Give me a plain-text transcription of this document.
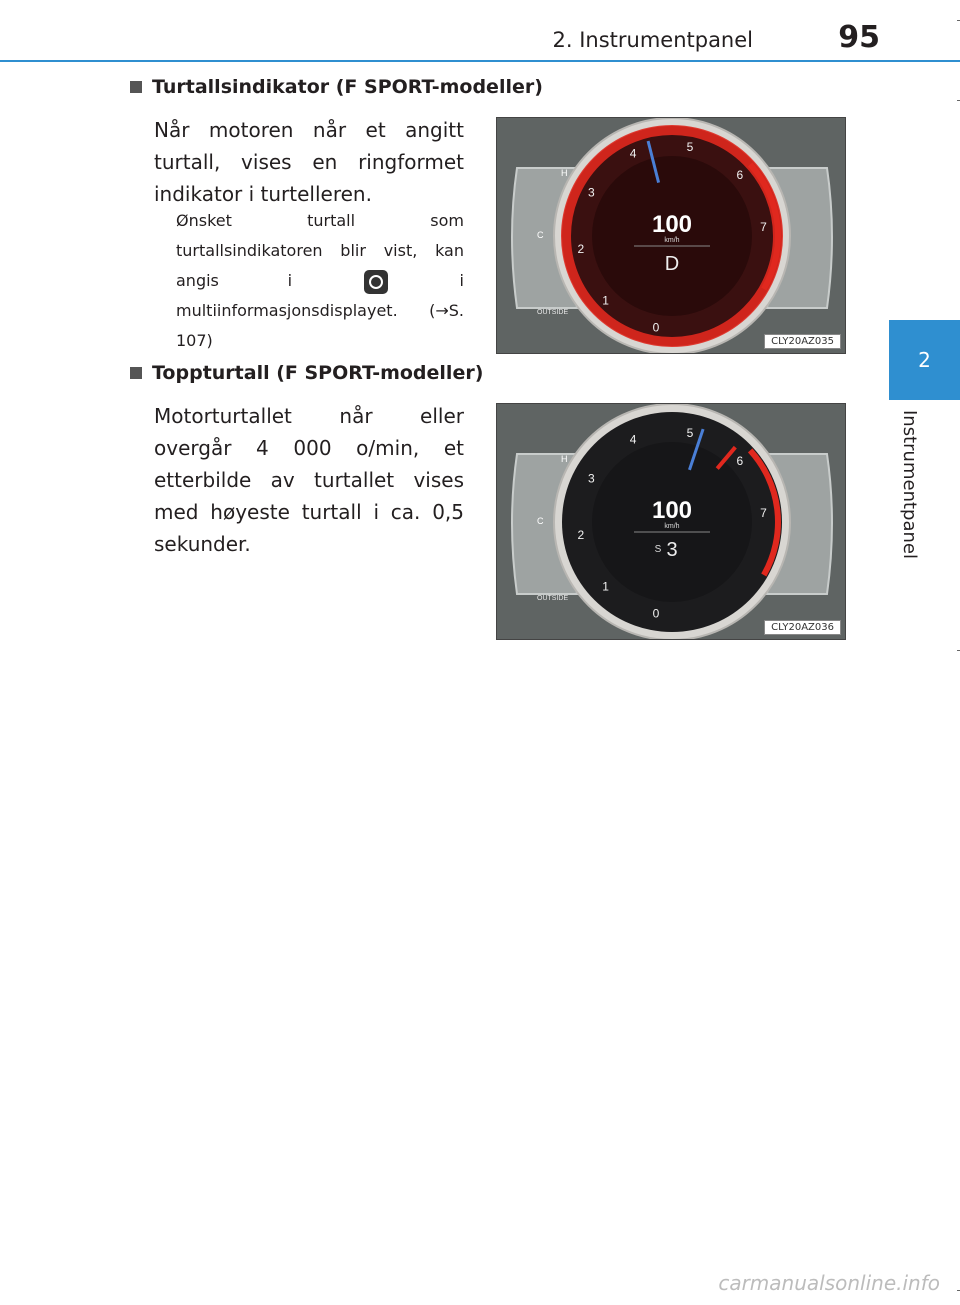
2. Instrumentpanel	95
2
Instrumentpanel
Turtallsindikator (F SPORT-modeller)
Når motoren når et angitt turtall, vises en ringformet indikator i turtelleren.
Ønsket turtall som turtallsindikatoren blir vist, kan angis i	i multiinformasjonsdisplayet. (→S. 107)
H
C
OUTSIDE
0
1
2
3
4	5
6
7
100
km/h
D
CLY20AZ035
Toppturtall (F SPORT-modeller)
Motorturtallet når eller overgår 4 000 o/min, et etterbilde av turtallet vises med høyeste turtall i ca. 0,5 sekunder.
H
C
OUTSIDE
0
1
2
3
4	5
6
7
100
km/h
S 3
CLY20AZ036
carmanualsonline.info
